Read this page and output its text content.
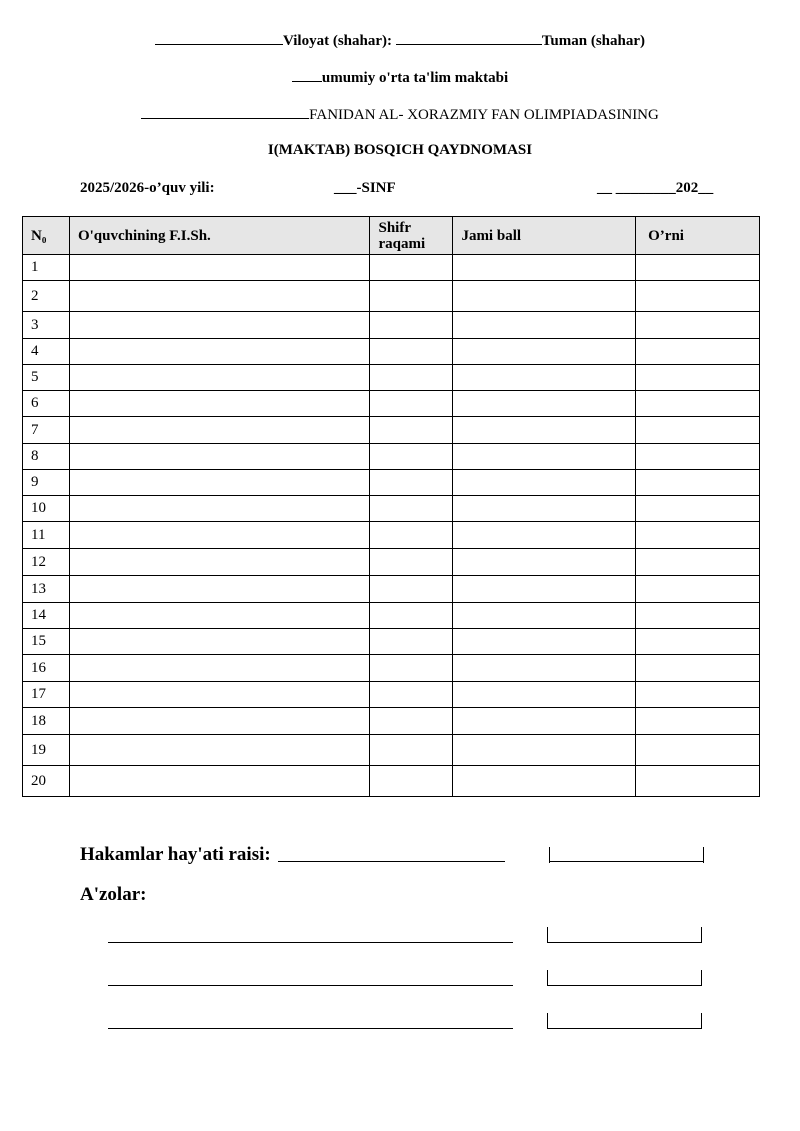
Viloyat (shahar):	Tuman (shahar)
umumiy o'rta ta'lim maktabi
FANIDAN AL- XORAZMIY FAN OLIMPIADASINING
I(MAKTAB) BOSQICH QAYDNOMASI
2025/2026-o’quv yili:	___-SINF	__ ________202__
N₀	O'quvchining F.I.Sh.	Shifr raqami	Jami ball	O’rni
1				
2				
3				
4				
5				
6				
7				
8				
9				
10				
11				
12				
13				
14				
15				
16				
17				
18				
19				
20				
Hakamlar hay'ati raisi:
A'zolar:
